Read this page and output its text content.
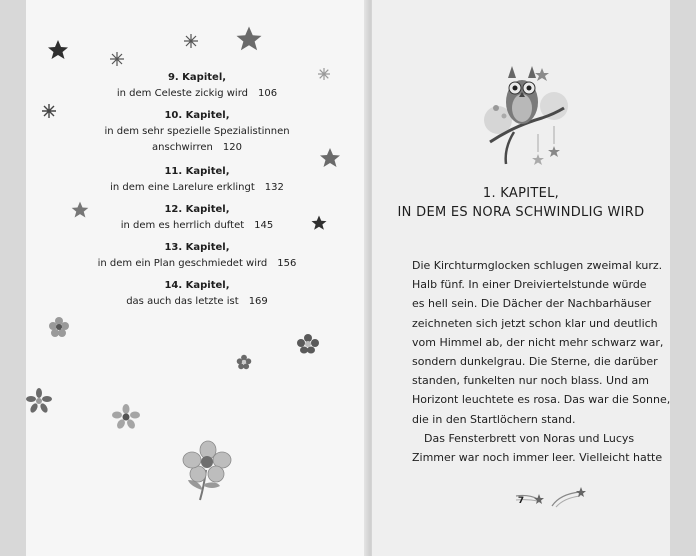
9. Kapitel,
in dem Celeste zickig wird 106
10. Kapitel,
in dem sehr spezielle Spezialistinnen
anschwirren 120
11. Kapitel,
in dem eine Larelure erklingt 132
12. Kapitel,
in dem es herrlich duftet 145
13. Kapitel,
in dem ein Plan geschmiedet wird 156
14. Kapitel,
das auch das letzte ist 169
1. KAPITEL,
IN DEM ES NORA SCHWINDLIG WIRD
Die Kirchturmglocken schlugen zweimal kurz.
Halb fünf. In einer Dreiviertelstunde würde
es hell sein. Die Dächer der Nachbarhäuser
zeichneten sich jetzt schon klar und deutlich
vom Himmel ab, der nicht mehr schwarz war,
sondern dunkelgrau. Die Sterne, die darüber
standen, funkelten nur noch blass. Und am
Horizont leuchtete es rosa. Das war die Sonne,
die in den Startlöchern stand.
Das Fensterbrett von Noras und Lucys
Zimmer war noch immer leer. Vielleicht hatte
7
